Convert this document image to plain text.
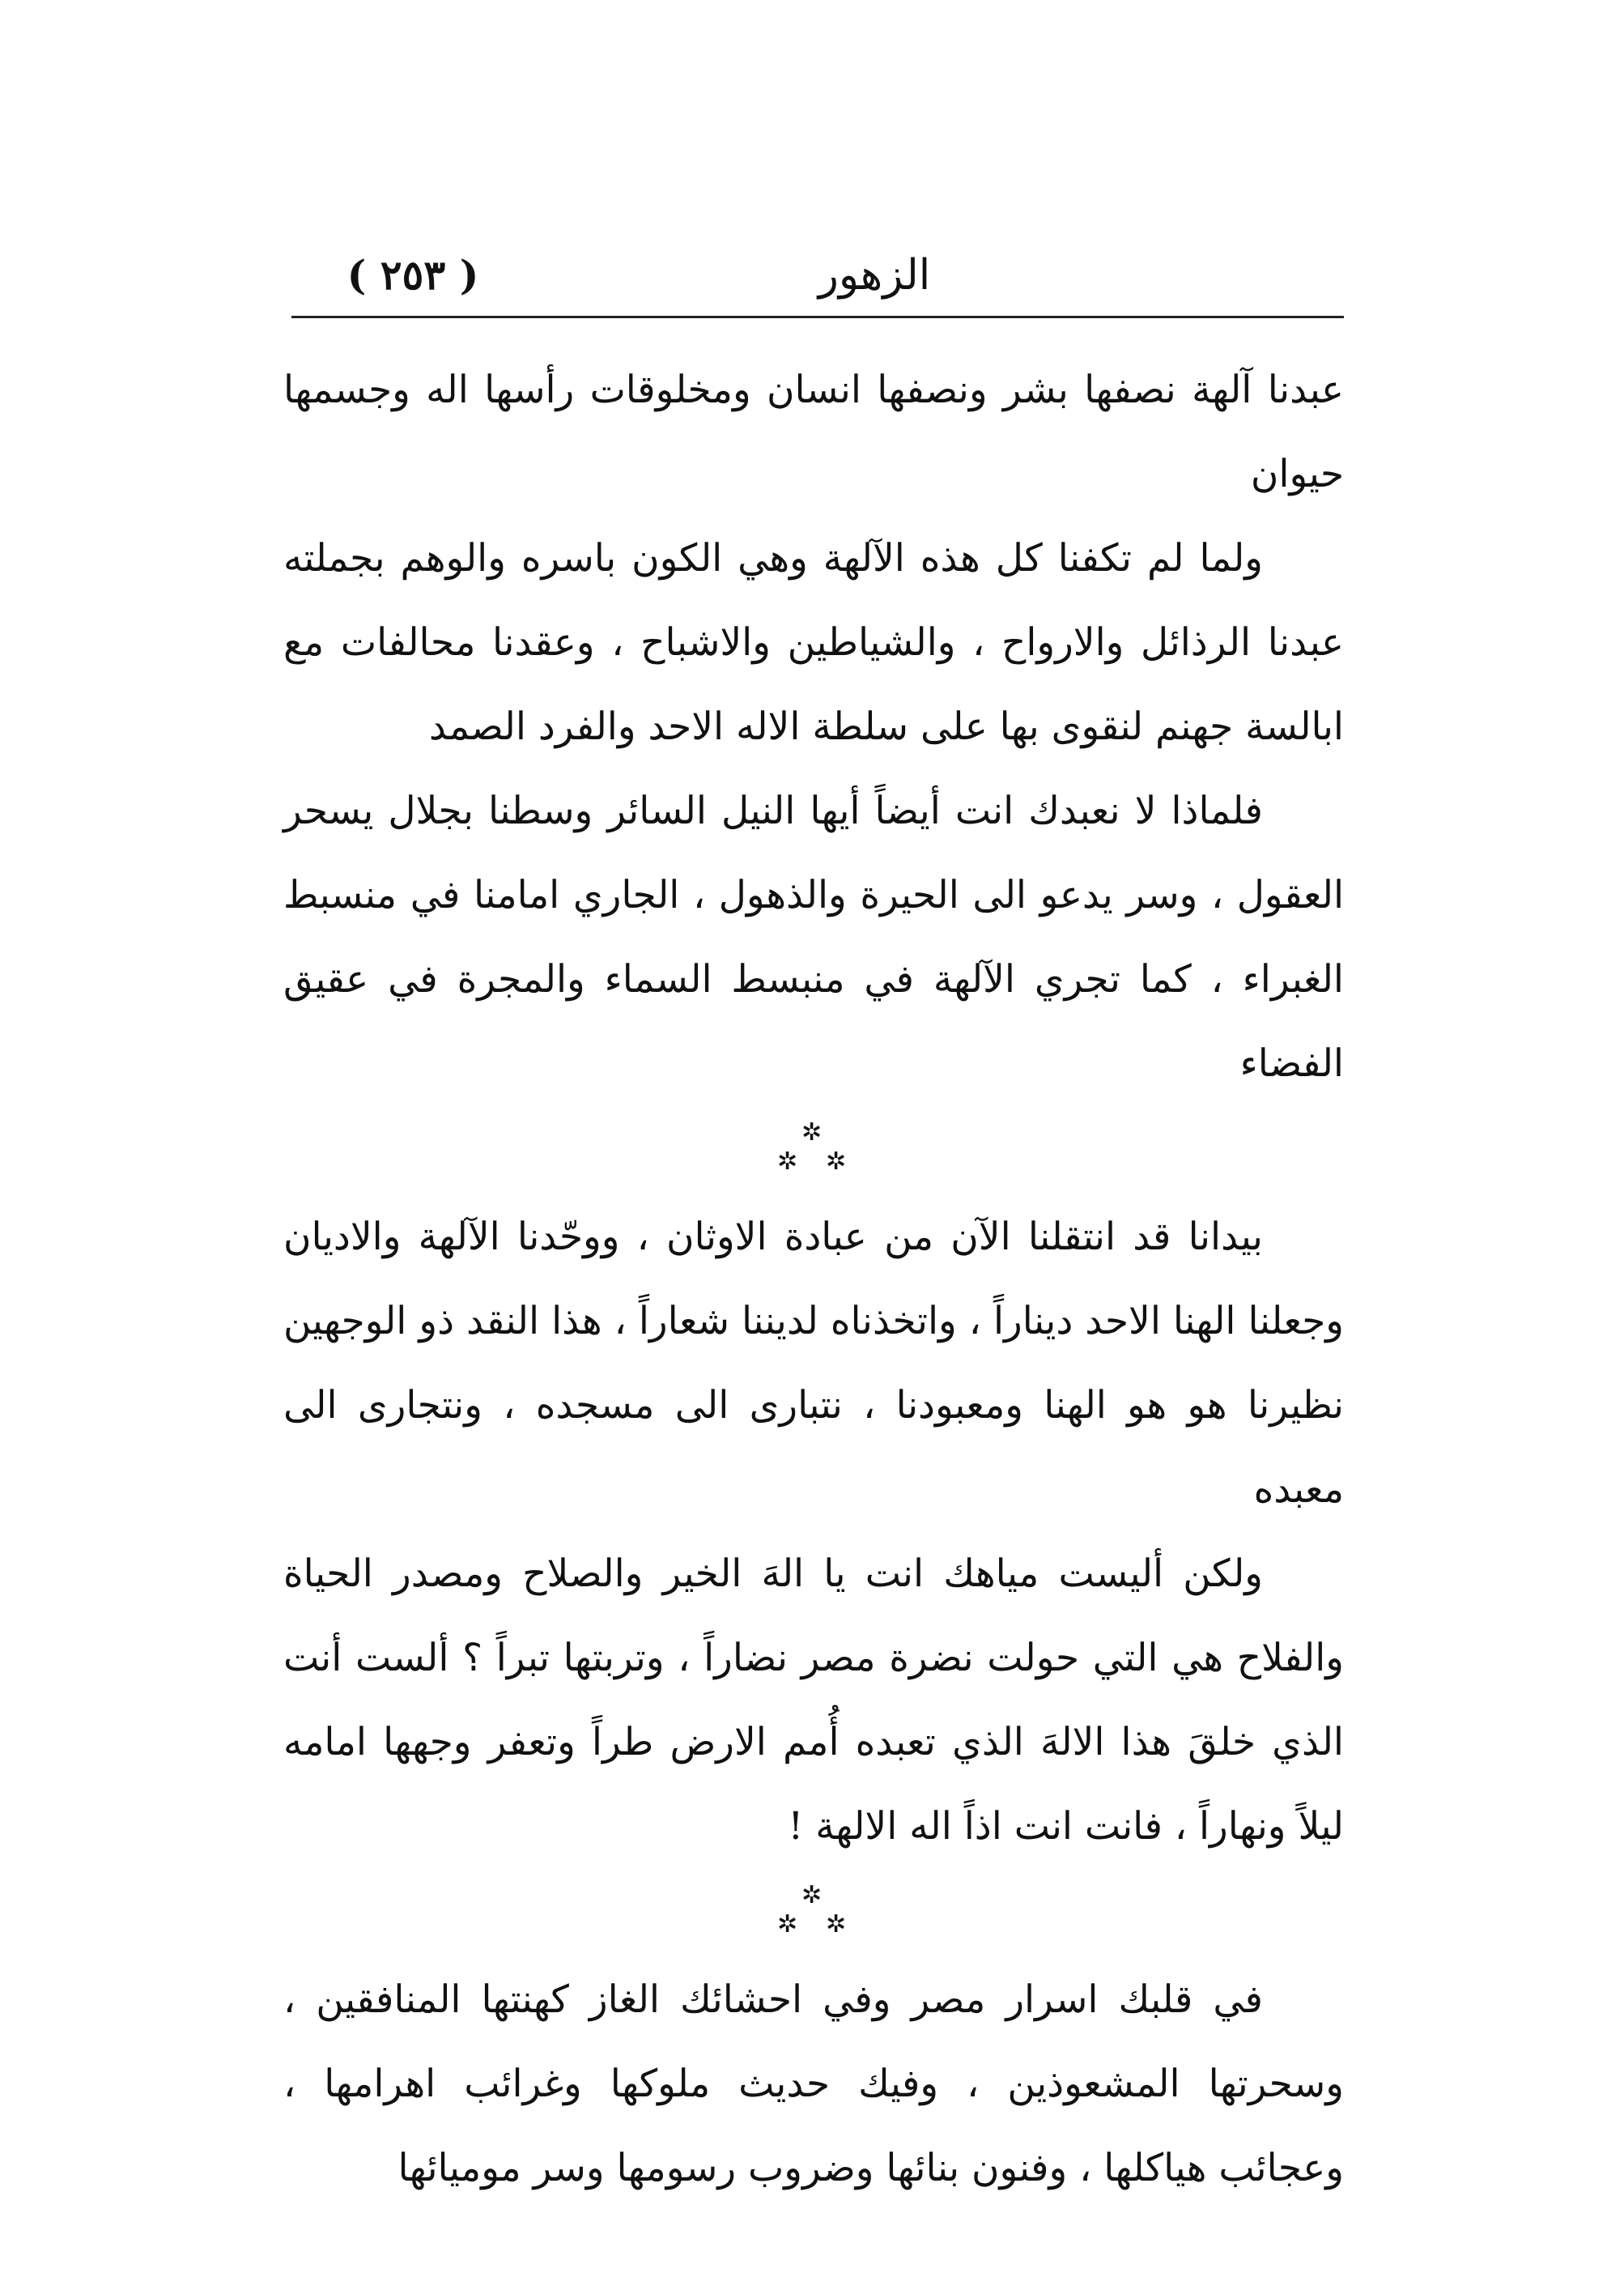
( ٢٥٣ )	الزهور

عبدنا آلهة نصفها بشر ونصفها انسان ومخلوقات رأسها اله وجسمها حيوان

ولما لم تكفنا كل هذه الآلهة وهي الكون باسره والوهم بجملته عبدنا الرذائل والارواح ، والشياطين والاشباح ، وعقدنا محالفات مع ابالسة جهنم لنقوى بها على سلطة الاله الاحد والفرد الصمد

فلماذا لا نعبدك انت أيضاً أيها النيل السائر وسطنا بجلال يسحر العقول ، وسر يدعو الى الحيرة والذهول ، الجاري امامنا في منسبط الغبراء ، كما تجري الآلهة في منبسط السماء والمجرة في عقيق الفضاء

✲
✲ ✲

بيدانا قد انتقلنا الآن من عبادة الاوثان ، ووحّدنا الآلهة والاديان وجعلنا الهنا الاحد ديناراً ، واتخذناه لديننا شعاراً ، هذا النقد ذو الوجهين نظيرنا هو هو الهنا ومعبودنا ، نتبارى الى مسجده ، ونتجارى الى معبده

ولكن أليست مياهك انت يا الهَ الخير والصلاح ومصدر الحياة والفلاح هي التي حولت نضرة مصر نضاراً ، وتربتها تبراً ؟ ألست أنت الذي خلقَ هذا الالهَ الذي تعبده أُمم الارض طراً وتعفر وجهها امامه ليلاً ونهاراً ، فانت انت اذاً اله الالهة !

✲
✲ ✲

في قلبك اسرار مصر وفي احشائك الغاز كهنتها المنافقين ، وسحرتها المشعوذين ، وفيك حديث ملوكها وغرائب اهرامها ، وعجائب هياكلها ، وفنون بنائها وضروب رسومها وسر موميائها
